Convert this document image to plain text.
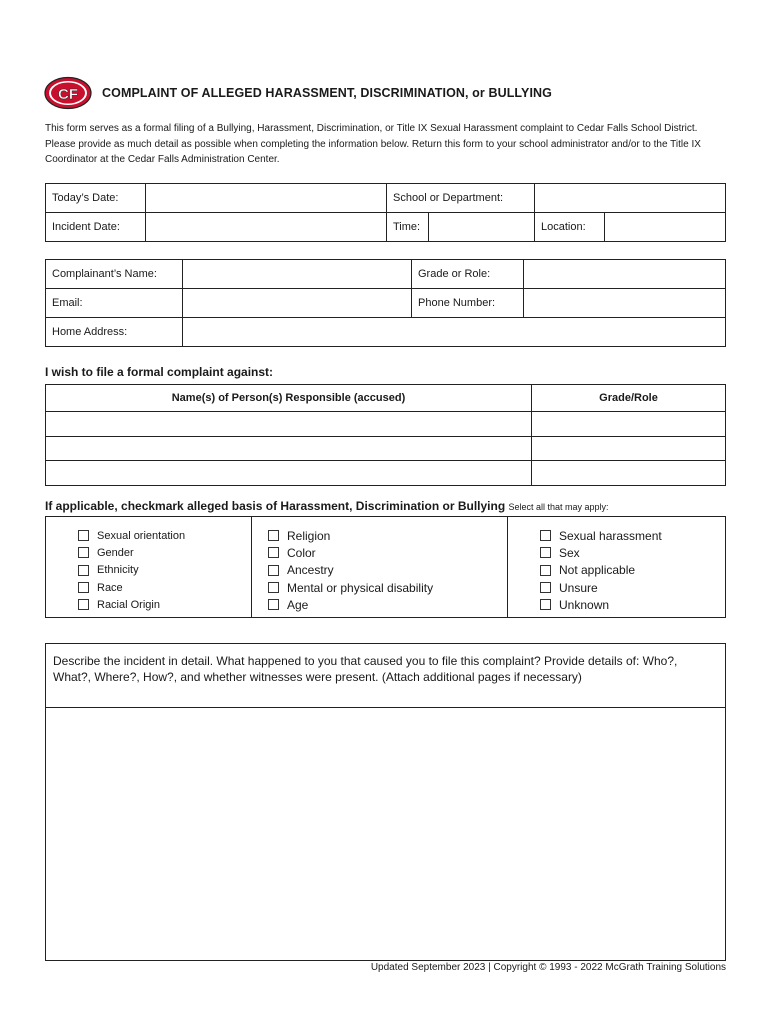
CF COMPLAINT OF ALLEGED HARASSMENT, DISCRIMINATION, or BULLYING
This form serves as a formal filing of a Bullying, Harassment, Discrimination, or Title IX Sexual Harassment complaint to Cedar Falls School District. Please provide as much detail as possible when completing the information below. Return this form to your school administrator and/or to the Title IX Coordinator at the Cedar Falls Administration Center.
Today’s Date:		School or Department:			
Incident Date:		Time:		Location:	
Complainant’s Name:		Grade or Role:	
Email:		Phone Number:	
Home Address:			
I wish to file a formal complaint against:
Name(s) of Person(s) Responsible (accused)	Grade/Role

If applicable, checkmark alleged basis of Harassment, Discrimination or Bullying Select all that may apply:
Sexual orientation
Gender
Ethnicity
Race
Racial Origin
Religion
Color
Ancestry
Mental or physical disability
Age
Sexual harassment
Sex
Not applicable
Unsure
Unknown
Describe the incident in detail. What happened to you that caused you to file this complaint? Provide details of: Who?, What?, Where?, How?, and whether witnesses were present. (Attach additional pages if necessary)
Updated September 2023 | Copyright © 1993 - 2022 McGrath Training Solutions
